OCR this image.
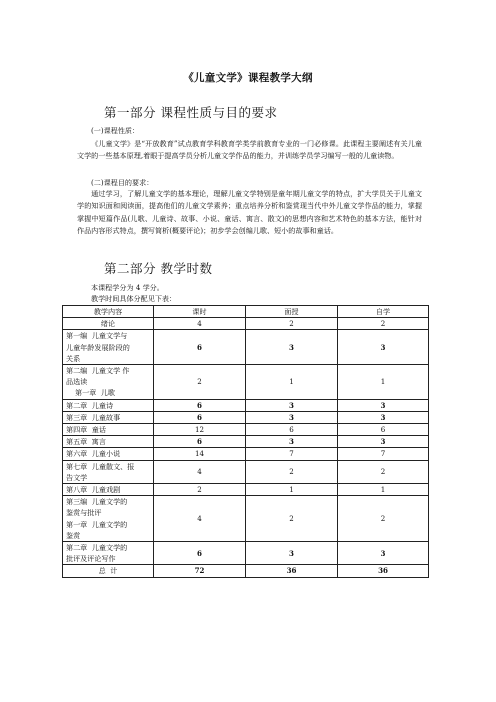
《儿童文学》课程教学大纲
第一部分 课程性质与目的要求
(一)课程性质：
《儿童文学》是“开放教育”试点教育学科教育学类学前教育专业的一门必修课。此课程主要阐述有关儿童文学的一些基本原理,着眼于提高学员分析儿童文学作品的能力，并训练学员学习编写一般的儿童读物。
(二)课程目的要求：
通过学习，了解儿童文学的基本理论，理解儿童文学特别是童年期儿童文学的特点，扩大学员关于儿童文学的知识面和阅读面，提高他们的儿童文学素养；重点培养分析和鉴赏现当代中外儿童文学作品的能力，掌握掌握中短篇作品(儿歌、儿童诗、故事、小说、童话、寓言、散文)的思想内容和艺术特色的基本方法，能针对作品内容形式特点，撰写简析(概要评论)；初步学会创编儿歌、短小的故事和童话。
第二部分 教学时数
本课程学分为 4 学分。
教学时间具体分配见下表：
教学内容	课时	面授	自学

绪论	4	2	2

第一编  儿童文学与
儿童年龄发展阶段的
关系	6	3	3

第二编  儿童文学 作
品选读
第一章  儿歌	2	1	1

第二章  儿童诗	6	3	3

第三章  儿童故事	6	3	3

第四章  童话	12	6	6

第五章  寓言	6	3	3

第六章  儿童小说	14	7	7

第七章  儿童散文、报
告文学	4	2	2

第八章  儿童戏剧	2	1	1

第三编  儿童文学的
鉴赏与批评
第一章  儿童文学的
鉴赏	4	2	2

第二章  儿童文学的
批评及评论写作	6	3	3

总  计	72	36	36
